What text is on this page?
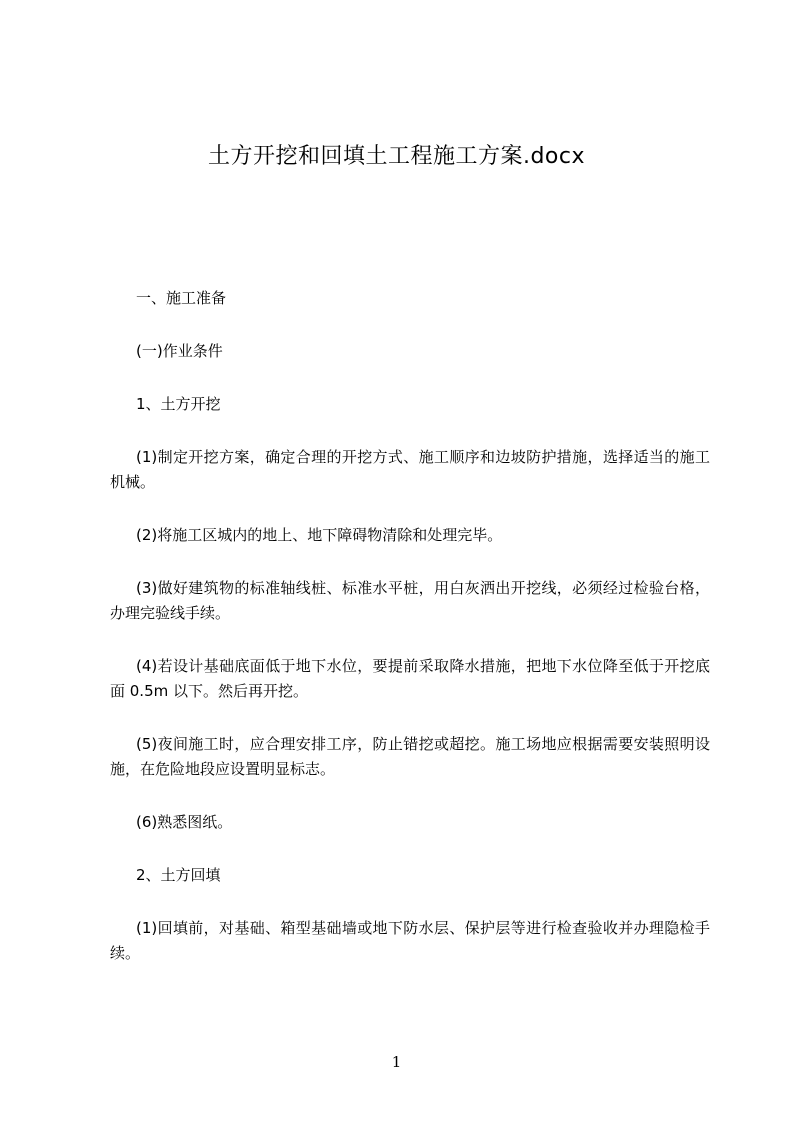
土方开挖和回填土工程施工方案.docx

一、施工准备

(一)作业条件

1、土方开挖

(1)制定开挖方案，确定合理的开挖方式、施工顺序和边坡防护措施，选择适当的施工机械。

(2)将施工区城内的地上、地下障碍物清除和处理完毕。

(3)做好建筑物的标准轴线桩、标准水平桩，用白灰洒出开挖线，必须经过检验台格，办理完验线手续。

(4)若设计基础底面低于地下水位，要提前采取降水措施，把地下水位降至低于开挖底面 0.5m 以下。然后再开挖。

(5)夜间施工时，应合理安排工序，防止错挖或超挖。施工场地应根据需要安装照明设施，在危险地段应设置明显标志。

(6)熟悉图纸。

2、土方回填

(1)回填前，对基础、箱型基础墙或地下防水层、保护层等进行检查验收并办理隐检手续。

1
